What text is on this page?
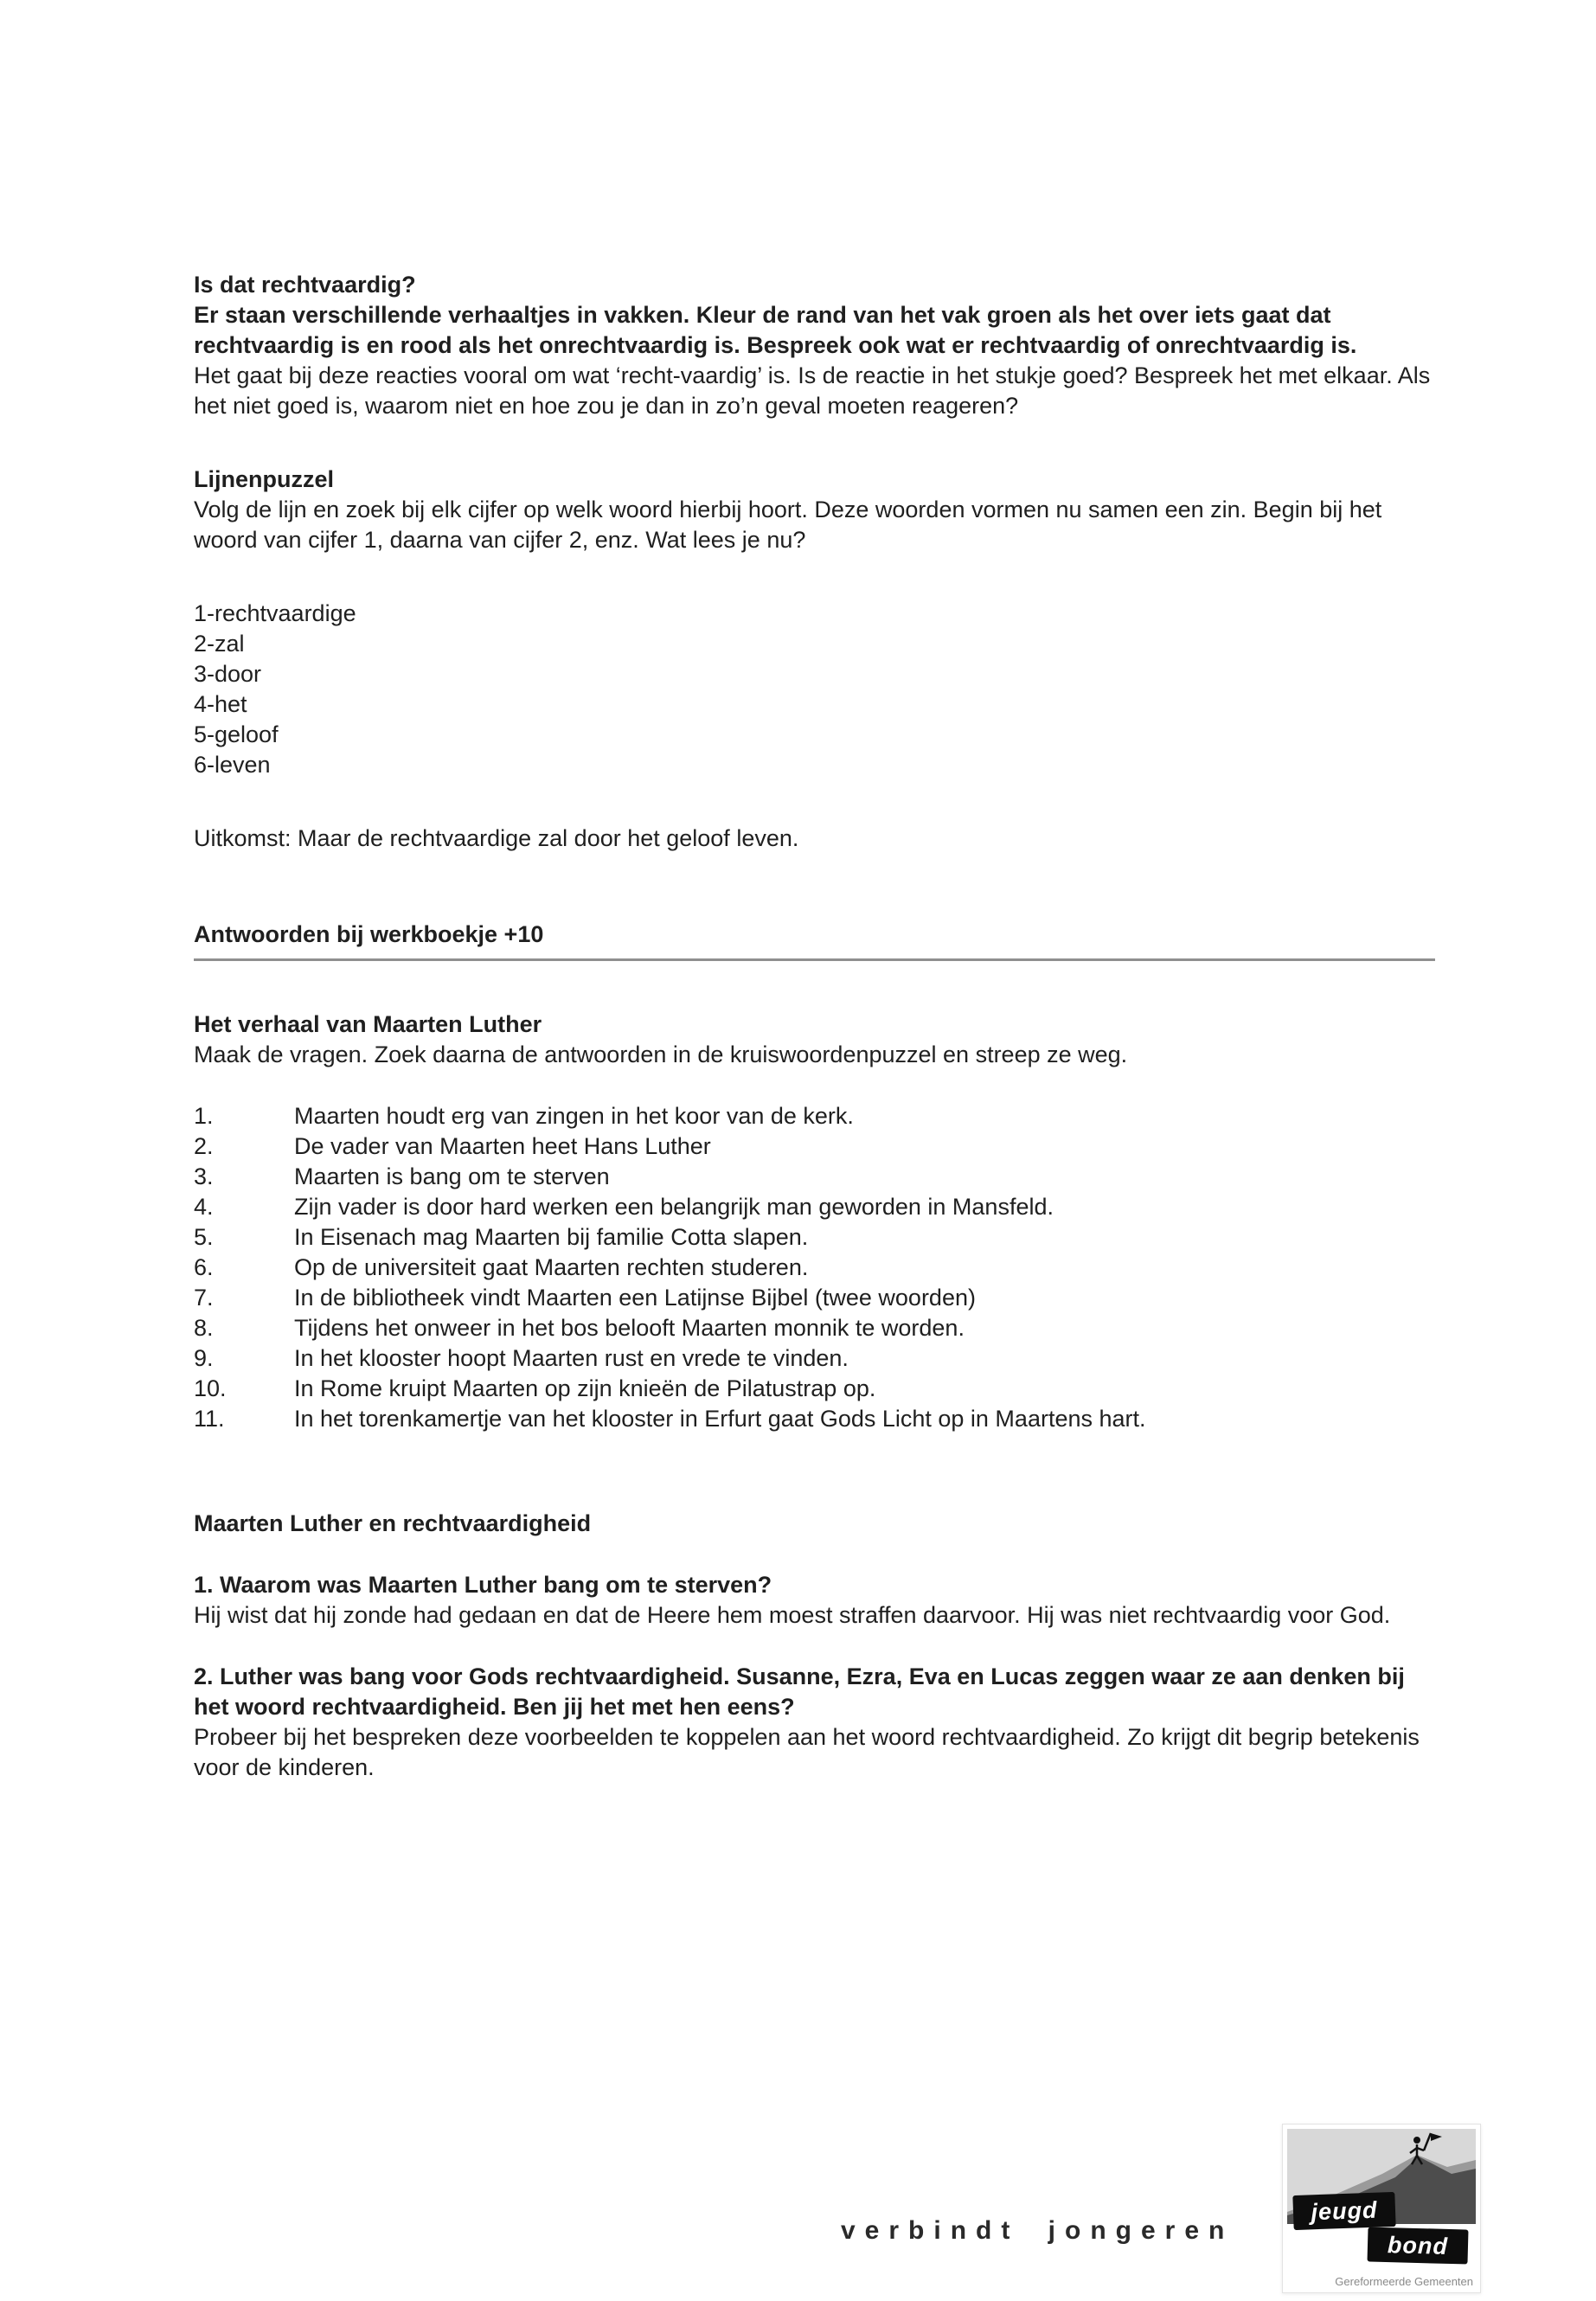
Is dat rechtvaardig?
Er staan verschillende verhaaltjes in vakken. Kleur de rand van het vak groen als het over iets gaat dat rechtvaardig is en rood als het onrechtvaardig is. Bespreek ook wat er rechtvaardig of onrechtvaardig is.
Het gaat bij deze reacties vooral om wat ‘recht-vaardig’ is. Is de reactie in het stukje goed? Bespreek het met elkaar. Als het niet goed is, waarom niet en hoe zou je dan in zo’n geval moeten reageren?
Lijnenpuzzel
Volg de lijn en zoek bij elk cijfer op welk woord hierbij hoort. Deze woorden vormen nu samen een zin. Begin bij het woord van cijfer 1, daarna van cijfer 2, enz. Wat lees je nu?
1-rechtvaardige
2-zal
3-door
4-het
5-geloof
6-leven
Uitkomst: Maar de rechtvaardige zal door het geloof leven.
Antwoorden bij werkboekje +10
Het verhaal van Maarten Luther
Maak de vragen. Zoek daarna de antwoorden in de kruiswoordenpuzzel en streep ze weg.
1.	Maarten houdt erg van zingen in het koor van de kerk.
2.	De vader van Maarten heet Hans Luther
3.	Maarten is bang om te sterven
4.	Zijn vader is door hard werken een belangrijk man geworden in Mansfeld.
5.	In Eisenach mag Maarten bij familie Cotta slapen.
6.	Op de universiteit gaat Maarten rechten studeren.
7.	In de bibliotheek vindt Maarten een Latijnse Bijbel (twee woorden)
8.	Tijdens het onweer in het bos belooft Maarten monnik te worden.
9.	In het klooster hoopt Maarten rust en vrede te vinden.
10.	In Rome kruipt Maarten op zijn knieën de Pilatustrap op.
11.	In het torenkamertje van het klooster in Erfurt gaat Gods Licht op in Maartens hart.
Maarten Luther en rechtvaardigheid
1. Waarom was Maarten Luther bang om te sterven?
Hij wist dat hij zonde had gedaan en dat de Heere hem moest straffen daarvoor. Hij was niet rechtvaardig voor God.
2. Luther was bang voor Gods rechtvaardigheid. Susanne, Ezra, Eva en Lucas zeggen waar ze aan denken bij het woord rechtvaardigheid. Ben jij het met hen eens?
Probeer bij het bespreken deze voorbeelden te koppelen aan het woord rechtvaardigheid. Zo krijgt dit begrip betekenis voor de kinderen.
verbindt jongeren
jeugd
bond
Gereformeerde Gemeenten
